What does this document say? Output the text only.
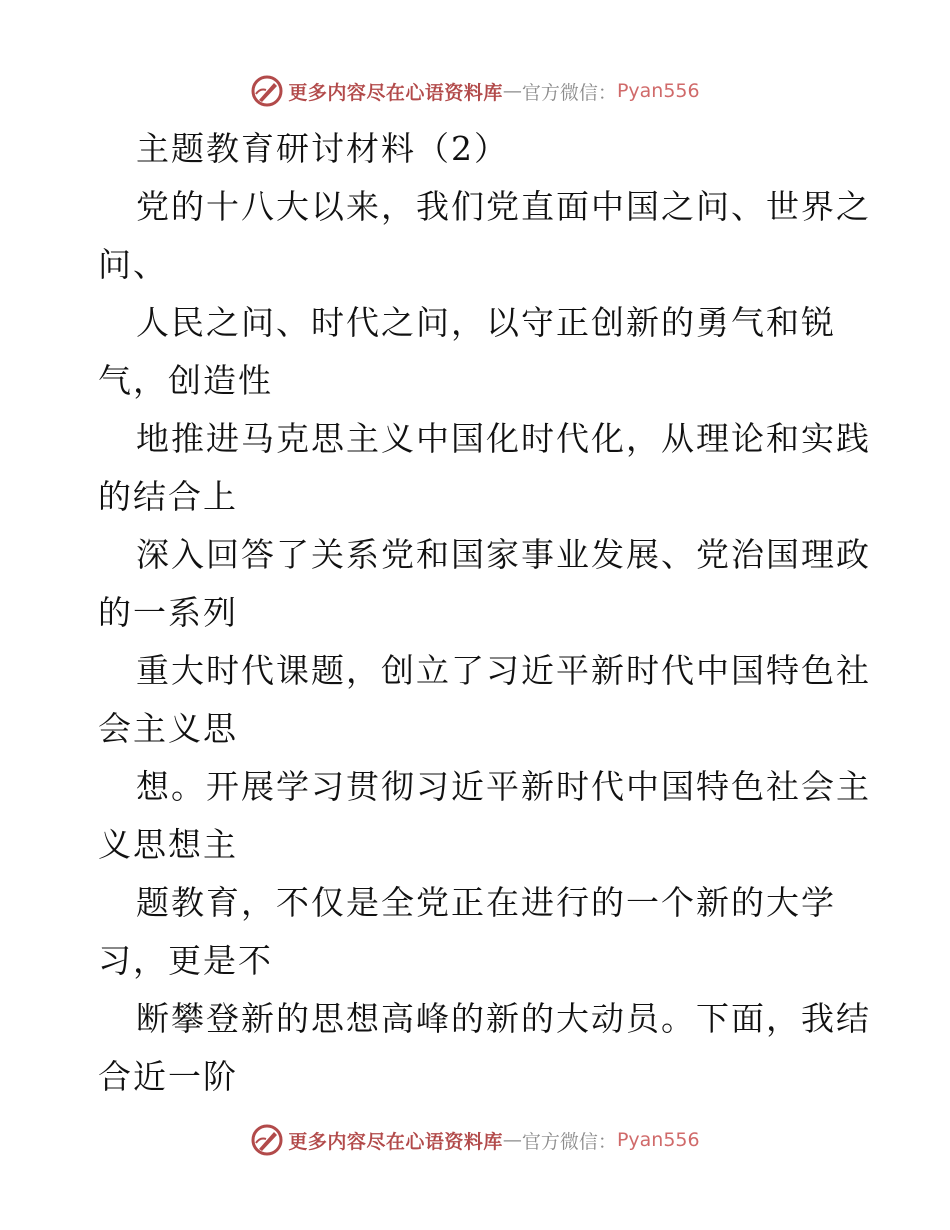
更多内容尽在心语资料库 — 官方微信： Pyan556
主题教育研讨材料（2）
党的十八大以来，我们党直面中国之问、世界之
问、
人民之问、时代之问，以守正创新的勇气和锐
气，创造性
地推进马克思主义中国化时代化，从理论和实践
的结合上
深入回答了关系党和国家事业发展、党治国理政
的一系列
重大时代课题，创立了习近平新时代中国特色社
会主义思
想。开展学习贯彻习近平新时代中国特色社会主
义思想主
题教育，不仅是全党正在进行的一个新的大学
习，更是不
断攀登新的思想高峰的新的大动员。下面，我结
合近一阶
更多内容尽在心语资料库 — 官方微信： Pyan556
